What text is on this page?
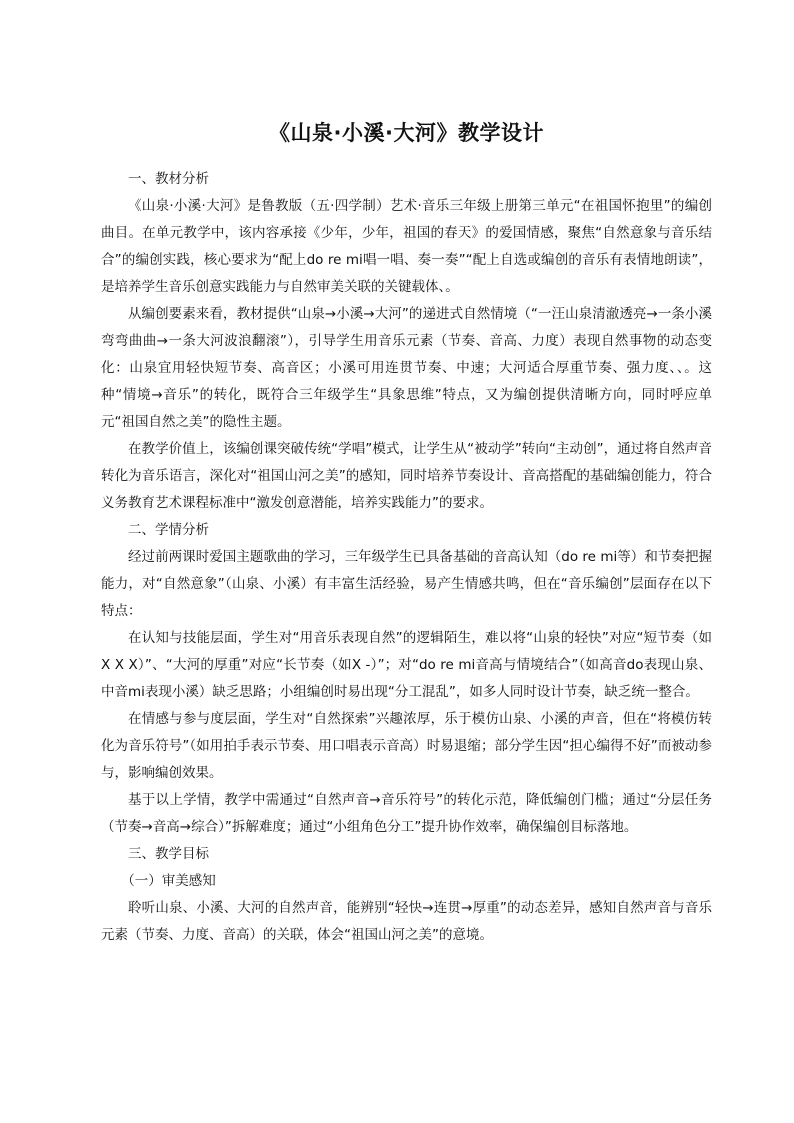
《山泉·小溪·大河》教学设计

一、教材分析

《山泉·小溪·大河》是鲁教版（五·四学制）艺术·音乐三年级上册第三单元“在祖国怀抱里”的编创曲目。在单元教学中，该内容承接《少年，少年，祖国的春天》的爱国情感，聚焦“自然意象与音乐结合”的编创实践，核心要求为“配上do re mi唱一唱、奏一奏”“配上自选或编创的音乐有表情地朗读”，是培养学生音乐创意实践能力与自然审美关联的关键载体、。

从编创要素来看，教材提供“山泉→小溪→大河”的递进式自然情境（“一汪山泉清澈透亮→一条小溪弯弯曲曲→一条大河波浪翻滚”），引导学生用音乐元素（节奏、音高、力度）表现自然事物的动态变化：山泉宜用轻快短节奏、高音区；小溪可用连贯节奏、中速；大河适合厚重节奏、强力度、、。这种“情境→音乐”的转化，既符合三年级学生“具象思维”特点，又为编创提供清晰方向，同时呼应单元“祖国自然之美”的隐性主题。

在教学价值上，该编创课突破传统“学唱”模式，让学生从“被动学”转向“主动创”，通过将自然声音转化为音乐语言，深化对“祖国山河之美”的感知，同时培养节奏设计、音高搭配的基础编创能力，符合义务教育艺术课程标准中“激发创意潜能，培养实践能力”的要求。

二、学情分析

经过前两课时爱国主题歌曲的学习，三年级学生已具备基础的音高认知（do re mi等）和节奏把握能力，对“自然意象”（山泉、小溪）有丰富生活经验，易产生情感共鸣，但在“音乐编创”层面存在以下特点：

在认知与技能层面，学生对“用音乐表现自然”的逻辑陌生，难以将“山泉的轻快”对应“短节奏（如X X X）”、“大河的厚重”对应“长节奏（如X -）”；对“do re mi音高与情境结合”（如高音do表现山泉、中音mi表现小溪）缺乏思路；小组编创时易出现“分工混乱”，如多人同时设计节奏，缺乏统一整合。

在情感与参与度层面，学生对“自然探索”兴趣浓厚，乐于模仿山泉、小溪的声音，但在“将模仿转化为音乐符号”（如用拍手表示节奏、用口唱表示音高）时易退缩；部分学生因“担心编得不好”而被动参与，影响编创效果。

基于以上学情，教学中需通过“自然声音→音乐符号”的转化示范，降低编创门槛；通过“分层任务（节奏→音高→综合）”拆解难度；通过“小组角色分工”提升协作效率，确保编创目标落地。

三、教学目标

（一）审美感知

聆听山泉、小溪、大河的自然声音，能辨别“轻快→连贯→厚重”的动态差异，感知自然声音与音乐元素（节奏、力度、音高）的关联，体会“祖国山河之美”的意境。
